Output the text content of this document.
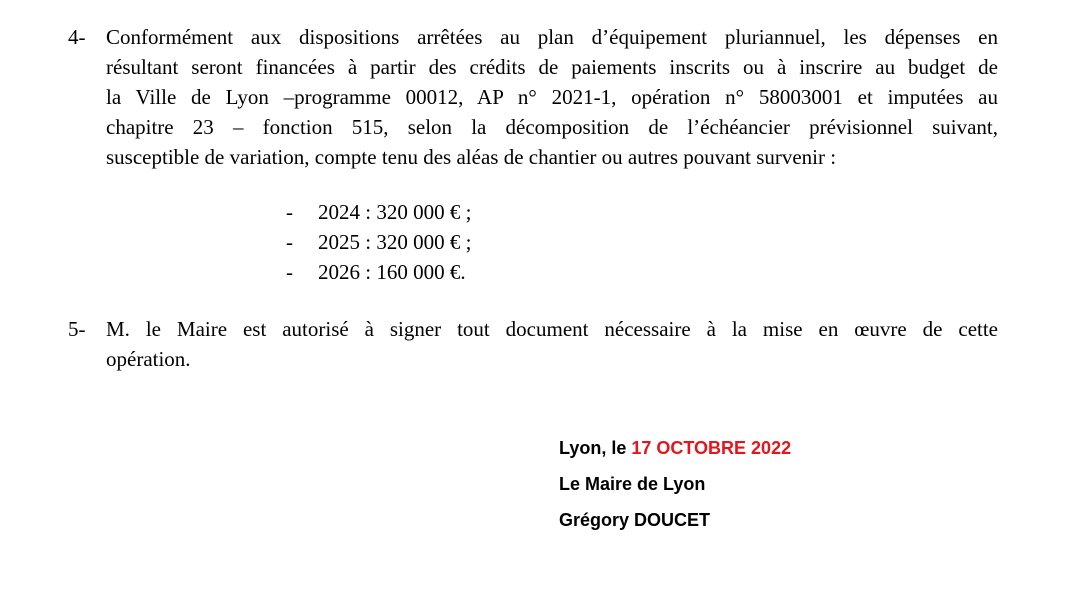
4- Conformément aux dispositions arrêtées au plan d’équipement pluriannuel, les dépenses en
résultant seront financées à partir des crédits de paiements inscrits ou à inscrire au budget de
la Ville de Lyon –programme 00012, AP n° 2021-1, opération n° 58003001 et imputées au
chapitre 23 – fonction 515, selon la décomposition de l’échéancier prévisionnel suivant,
susceptible de variation, compte tenu des aléas de chantier ou autres pouvant survenir :
-	2024 : 320 000 € ;
-	2025 : 320 000 € ;
-	2026 : 160 000 €.
5- M. le Maire est autorisé à signer tout document nécessaire à la mise en œuvre de cette
opération.
Lyon, le 17 OCTOBRE 2022
Le Maire de Lyon
Grégory DOUCET
